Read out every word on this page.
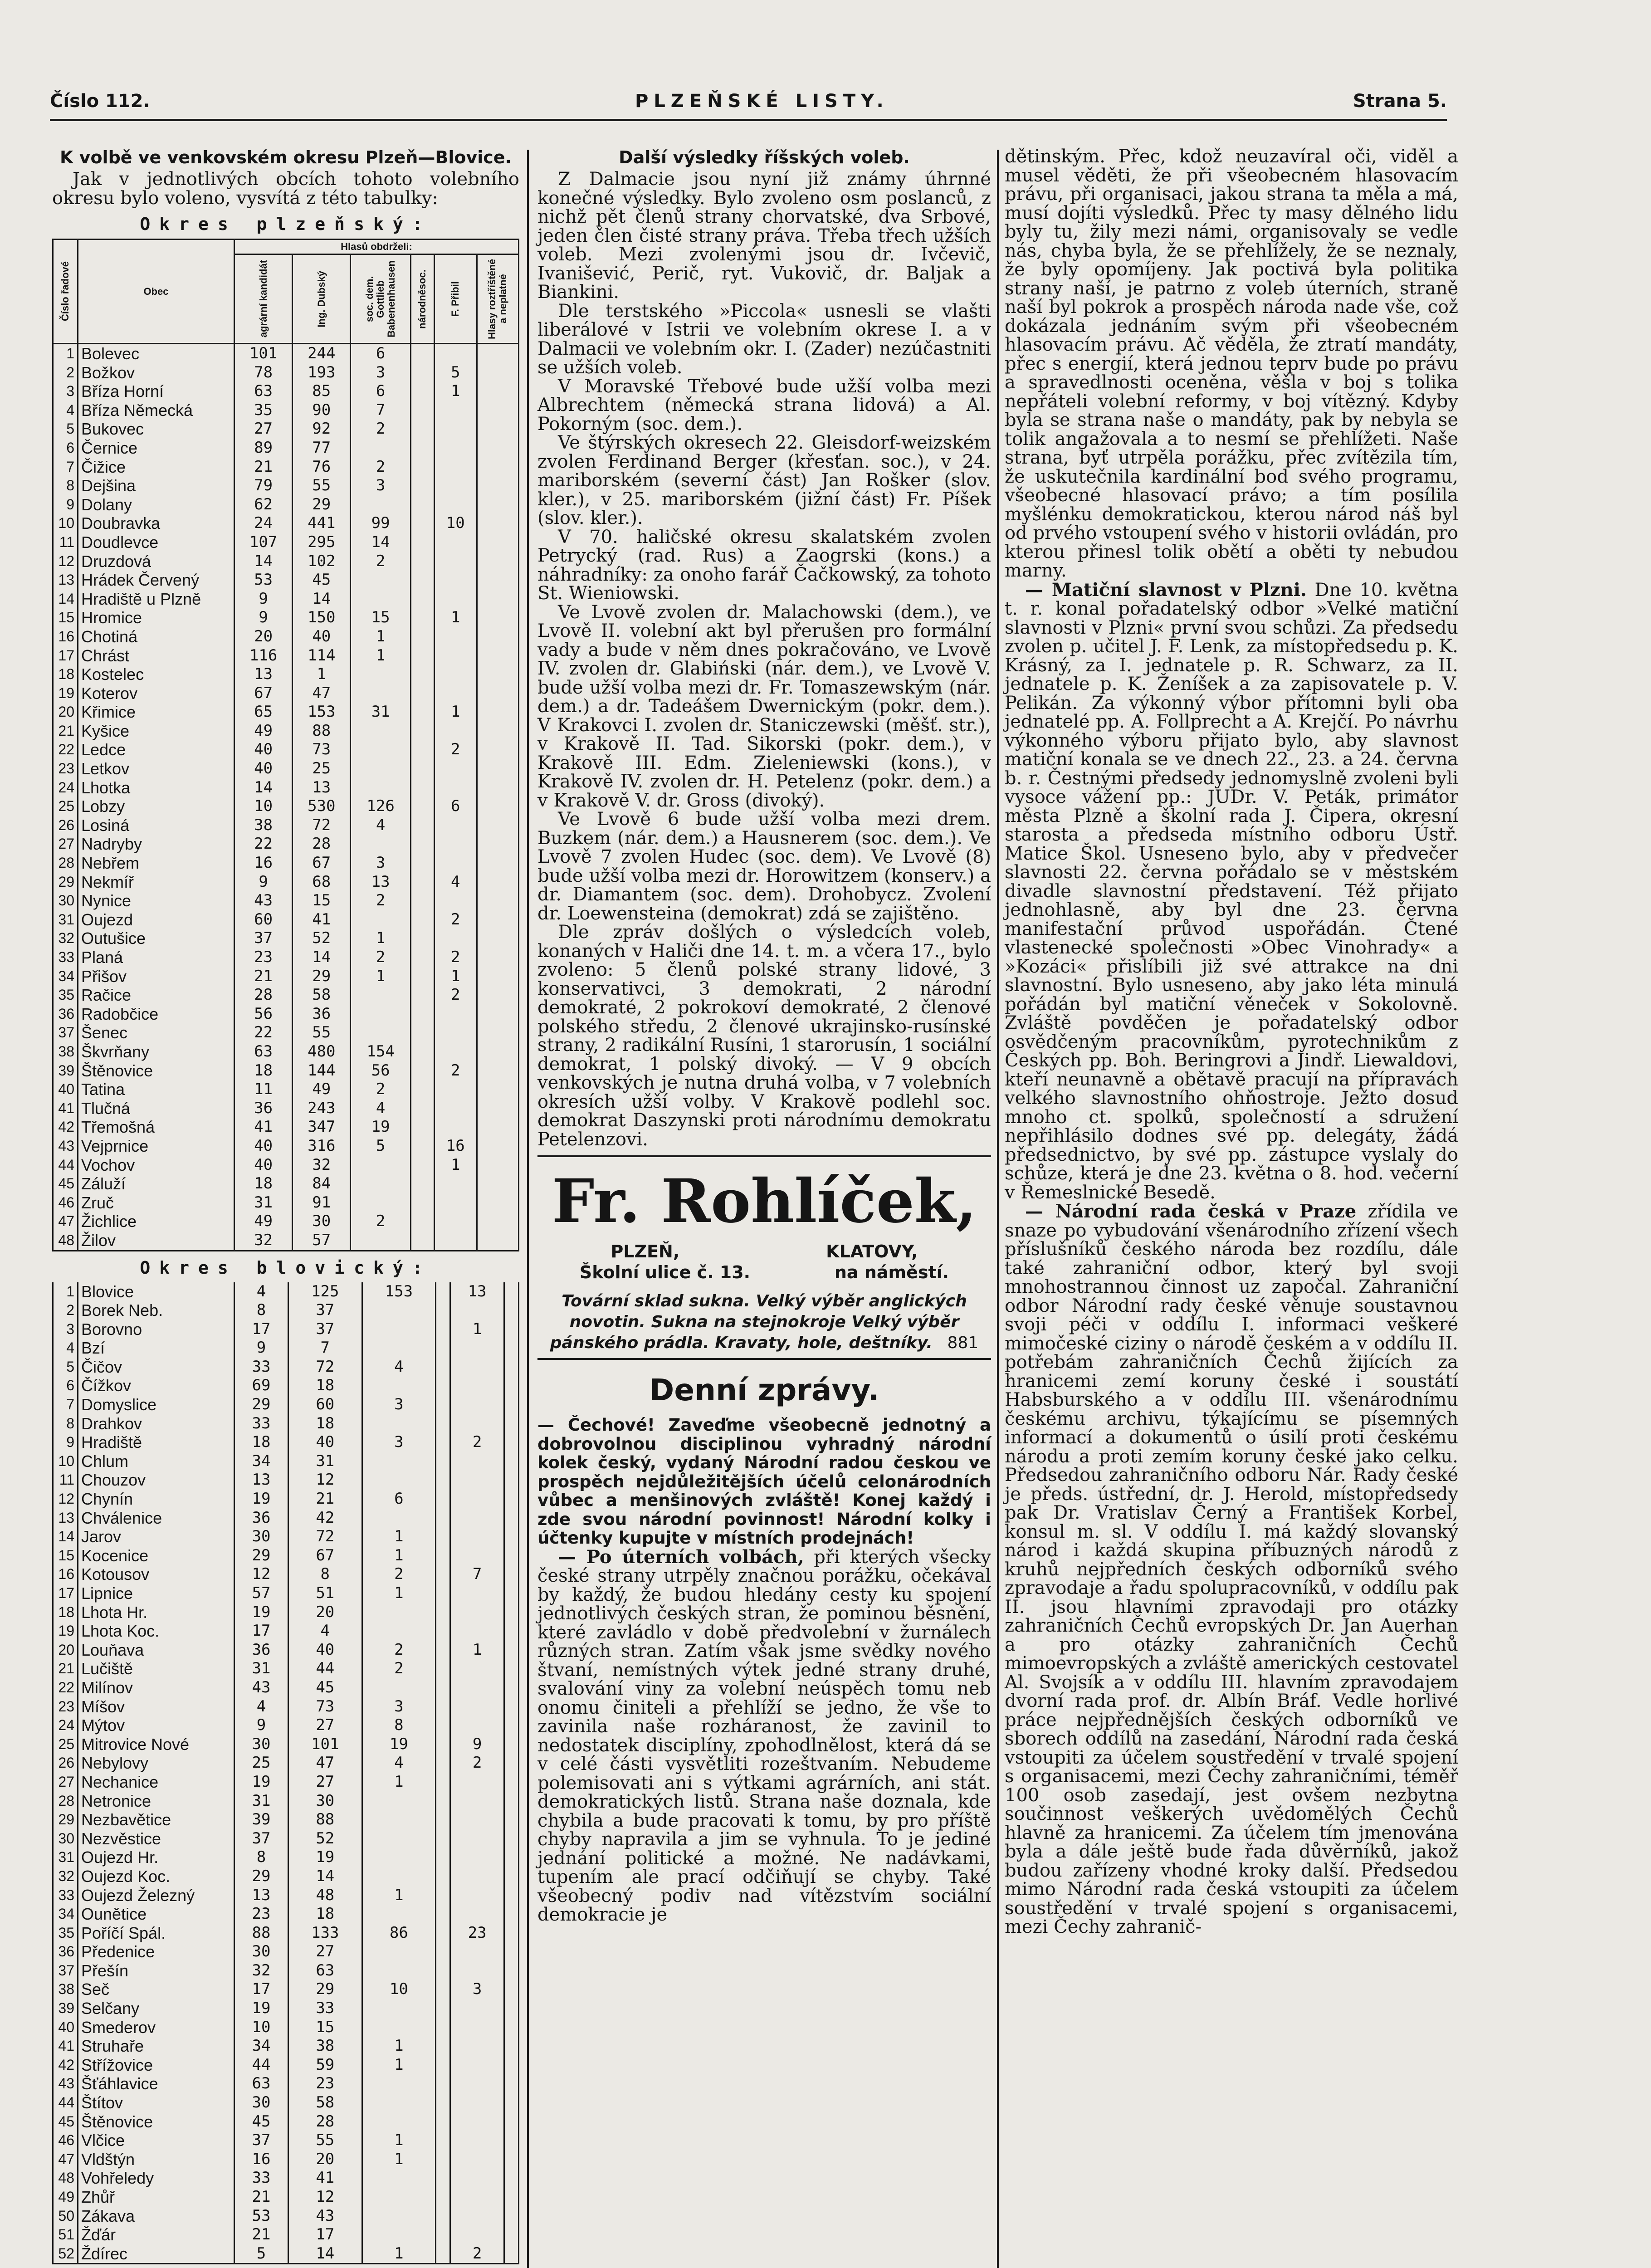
Číslo 112.	PLZEŇSKÉ LISTY.	Strana 5.

K volbě ve venkovském okresu Plzeň—Blovice.

Jak v jednotlivých obcích tohoto volebního okresu bylo voleno, vysvítá z této tabulky:

Okres plzeňský:
Číslo řadové	Obec	Hlasů obdrželi:					

		agrární kandidát	Ing. Dubský	soc. dem. Gottlieb Babenenhausen	národněsoc.	F. Přibil	Hlasy roztříštěné a neplatné

1	Bolevec	101	244	6			
2	Božkov	78	193	3		5	
3	Bříza Horní	63	85	6		1	
4	Bříza Německá	35	90	7			
5	Bukovec	27	92	2			
6	Černice	89	77				
7	Čižice	21	76	2			
8	Dejšina	79	55	3			
9	Dolany	62	29				
10	Doubravka	24	441	99		10	
11	Doudlevce	107	295	14			
12	Druzdová	14	102	2			
13	Hrádek Červený	53	45				
14	Hradiště u Plzně	9	14				
15	Hromice	9	150	15		1	
16	Chotiná	20	40	1			
17	Chrást	116	114	1			
18	Kostelec	13	1				
19	Koterov	67	47				
20	Křimice	65	153	31		1	
21	Kyšice	49	88				
22	Ledce	40	73			2	
23	Letkov	40	25				
24	Lhotka	14	13				
25	Lobzy	10	530	126		6	
26	Losiná	38	72	4			
27	Nadryby	22	28				
28	Nebřem	16	67	3			
29	Nekmíř	9	68	13		4	
30	Nynice	43	15	2			
31	Oujezd	60	41			2	
32	Outušice	37	52	1			
33	Planá	23	14	2		2	
34	Přišov	21	29	1		1	
35	Račice	28	58			2	
36	Radobčice	56	36				
37	Šenec	22	55				
38	Škvrňany	63	480	154			
39	Štěnovice	18	144	56		2	
40	Tatina	11	49	2			
41	Tlučná	36	243	4			
42	Třemošná	41	347	19			
43	Vejprnice	40	316	5		16	
44	Vochov	40	32			1	
45	Záluží	18	84				
46	Zruč	31	91				
47	Žichlice	49	30	2			
48	Žilov	32	57				
Okres blovický:
1	Blovice	4	125	153		13	
2	Borek Neb.	8	37				
3	Borovno	17	37			1	
4	Bzí	9	7				
5	Čičov	33	72	4			
6	Čížkov	69	18				
7	Domyslice	29	60	3			
8	Drahkov	33	18				
9	Hradiště	18	40	3		2	
10	Chlum	34	31				
11	Chouzov	13	12				
12	Chynín	19	21	6			
13	Chválenice	36	42				
14	Jarov	30	72	1			
15	Kocenice	29	67	1			
16	Kotousov	12	8	2		7	
17	Lipnice	57	51	1			
18	Lhota Hr.	19	20				
19	Lhota Koc.	17	4				
20	Louňava	36	40	2		1	
21	Lučiště	31	44	2			
22	Milínov	43	45				
23	Míšov	4	73	3			
24	Mýtov	9	27	8			
25	Mitrovice Nové	30	101	19		9	
26	Nebylovy	25	47	4		2	
27	Nechanice	19	27	1			
28	Netronice	31	30				
29	Nezbavětice	39	88				
30	Nezvěstice	37	52				
31	Oujezd Hr.	8	19				
32	Oujezd Koc.	29	14				
33	Oujezd Železný	13	48	1			
34	Ounětice	23	18				
35	Poříčí Spál.	88	133	86		23	
36	Předenice	30	27				
37	Přešín	32	63				
38	Seč	17	29	10		3	
39	Selčany	19	33				
40	Smederov	10	15				
41	Struhaře	34	38	1			
42	Střížovice	44	59	1			
43	Šťáhlavice	63	23				
44	Štítov	30	58				
45	Štěnovice	45	28				
46	Vlčice	37	55	1			
47	Vldštýn	16	20	1			
48	Vohřeledy	33	41				
49	Zhůř	21	12				
50	Zákava	53	43				
51	Žďár	21	17				
52	Ždírec	5	14	1		2	

Další výsledky říšských voleb.

Z Dalmacie jsou nyní již známy úhrnné konečné výsledky. Bylo zvoleno osm poslanců, z nichž pět členů strany chorvatské, dva Srbové, jeden člen čisté strany práva. Třeba třech užších voleb. Mezi zvolenými jsou dr. Ivčevič, Ivanišević, Perič, ryt. Vukovič, dr. Baljak a Biankini.

Dle terstského »Piccola« usnesli se vlašti liberálové v Istrii ve volebním okrese I. a v Dalmacii ve volebním okr. I. (Zader) nezúčastniti se užších voleb.

V Moravské Třebové bude užší volba mezi Albrechtem (německá strana lidová) a Al. Pokorným (soc. dem.).

Ve štýrských okresech 22. Gleisdorf-weizském zvolen Ferdinand Berger (křesťan. soc.), v 24. mariborském (severní část) Jan Rošker (slov. kler.), v 25. mariborském (jižní část) Fr. Píšek (slov. kler.).

V 70. haličské okresu skalatském zvolen Petrycký (rad. Rus) a Zaogrski (kons.) a náhradníky: za onoho farář Čačkowský, za tohoto St. Wieniowski.

Ve Lvově zvolen dr. Malachowski (dem.), ve Lvově II. volební akt byl přerušen pro formální vady a bude v něm dnes pokračováno, ve Lvově IV. zvolen dr. Glabiński (nár. dem.), ve Lvově V. bude užší volba mezi dr. Fr. Tomaszewským (nár. dem.) a dr. Tadeášem Dwernickým (pokr. dem.). V Krakovci I. zvolen dr. Staniczewski (měšť. str.), v Krakově II. Tad. Sikorski (pokr. dem.), v Krakově III. Edm. Zieleniewski (kons.), v Krakově IV. zvolen dr. H. Petelenz (pokr. dem.) a v Krakově V. dr. Gross (divoký).

Ve Lvově 6 bude užší volba mezi drem. Buzkem (nár. dem.) a Hausnerem (soc. dem.). Ve Lvově 7 zvolen Hudec (soc. dem). Ve Lvově (8) bude užší volba mezi dr. Horowitzem (konserv.) a dr. Diamantem (soc. dem). Drohobycz. Zvolení dr. Loewensteina (demokrat) zdá se zajištěno.

Dle zpráv došlých o výsledcích voleb, konaných v Haliči dne 14. t. m. a včera 17., bylo zvoleno: 5 členů polské strany lidové, 3 konservativci, 3 demokrati, 2 národní demokraté, 2 pokrokoví demokraté, 2 členové polského středu, 2 členové ukrajinsko-rusínské strany, 2 radikální Rusíni, 1 starorusín, 1 sociální demokrat, 1 polský divoký. — V 9 obcích venkovských je nutna druhá volba, v 7 volebních okresích užší volby. V Krakově podlehl soc. demokrat Daszynski proti národnímu demokratu Petelenzovi.

Fr. Rohlíček,
PLZEŇ,	KLATOVY,
Školní ulice č. 13.	na náměstí.
Tovární sklad sukna. Velký výběr anglických novotin. Sukna na stejnokroje Velký výběr pánského prádla. Kravaty, hole, deštníky. 881
Denní zprávy.

— Čechové! Zaveďme všeobecně jednotný a dobrovolnou disciplinou vyhradný národní kolek český, vydaný Národní radou českou ve prospěch nejdůležitějších účelů celonárodních vůbec a menšinových zvláště! Konej každý i zde svou národní povinnost! Národní kolky i účtenky kupujte v místních prodejnách!

— Po úterních volbách, při kterých všecky české strany utrpěly značnou porážku, očekával by každý, že budou hledány cesty ku spojení jednotlivých českých stran, že pominou běsnění, které zavládlo v době předvolební v žurnálech různých stran. Zatím však jsme svědky nového štvaní, nemístných výtek jedné strany druhé, svalování viny za volební neúspěch tomu neb onomu činiteli a přehlíží se jedno, že vše to zavinila naše rozháranost, že zavinil to nedostatek disciplíny, zpohodlnělost, která dá se v celé části vysvětliti rozeštvaním. Nebudeme polemisovati ani s výtkami agrárních, ani stát. demokratických listů. Strana naše doznala, kde chybila a bude pracovati k tomu, by pro příště chyby napravila a jim se vyhnula. To je jediné jednání politické a možné. Ne nadávkami, tupením ale prací odčiňují se chyby. Také všeobecný podiv nad vítězstvím sociální demokracie je

dětinským. Přec, kdož neuzavíral oči, viděl a musel věděti, že při všeobecném hlasovacím právu, při organisaci, jakou strana ta měla a má, musí dojíti výsledků. Přec ty masy dělného lidu byly tu, žily mezi námi, organisovaly se vedle nás, chyba byla, že se přehlížely, že se neznaly, že byly opomíjeny. Jak poctivá byla politika strany naší, je patrno z voleb úterních, straně naší byl pokrok a prospěch národa nade vše, což dokázala jednáním svým při všeobecném hlasovacím právu. Ač věděla, že ztratí mandáty, přec s energií, která jednou teprv bude po právu a spravedlnosti oceněna, věšla v boj s tolika nepřáteli volební reformy, v boj vítězný. Kdyby byla se strana naše o mandáty, pak by nebyla se tolik angažovala a to nesmí se přehlížeti. Naše strana, byť utrpěla porážku, přec zvítězila tím, že uskutečnila kardinální bod svého programu, všeobecné hlasovací právo; a tím posílila myšlénku demokratickou, kterou národ náš byl od prvého vstoupení svého v historii ovládán, pro kterou přinesl tolik obětí a oběti ty nebudou marny.

— Matiční slavnost v Plzni. Dne 10. května t. r. konal pořadatelský odbor »Velké matiční slavnosti v Plzni« první svou schůzi. Za předsedu zvolen p. učitel J. F. Lenk, za místopředsedu p. K. Krásný, za I. jednatele p. R. Schwarz, za II. jednatele p. K. Ženíšek a za zapisovatele p. V. Pelikán. Za výkonný výbor přítomni byli oba jednatelé pp. A. Follprecht a A. Krejčí. Po návrhu výkonného výboru přijato bylo, aby slavnost matiční konala se ve dnech 22., 23. a 24. června b. r. Čestnými předsedy jednomyslně zvoleni byli vysoce vážení pp.: JUDr. V. Peták, primátor města Plzně a školní rada J. Čipera, okresní starosta a předseda místního odboru Ústř. Matice Škol. Usneseno bylo, aby v předvečer slavnosti 22. června pořádalo se v městském divadle slavnostní představení. Též přijato jednohlasně, aby byl dne 23. června manifestační průvod uspořádán. Čtené vlastenecké společnosti »Obec Vinohrady« a »Kozáci« přislíbili již své attrakce na dni slavnostní. Bylo usneseno, aby jako léta minulá pořádán byl matiční věneček v Sokolovně. Zvláště povděčen je pořadatelský odbor osvědčeným pracovníkům, pyrotechnikům z Českých pp. Boh. Beringrovi a Jindř. Liewaldovi, kteří neunavně a obětavě pracují na přípravách velkého slavnostního ohňostroje. Ježto dosud mnoho ct. spolků, společností a sdružení nepřihlásilo dodnes své pp. delegáty, žádá předsednictvo, by své pp. zástupce vyslaly do schůze, která je dne 23. května o 8. hod. večerní v Řemeslnické Besedě.

— Národní rada česká v Praze zřídila ve snaze po vybudování všenárodního zřízení všech příslušníků českého národa bez rozdílu, dále také zahraniční odbor, který byl svoji mnohostrannou činnost uz započal. Zahraniční odbor Národní rady české věnuje soustavnou svoji péči v oddílu I. informaci veškeré mimočeské ciziny o národě českém a v oddílu II. potřebám zahraničních Čechů žijících za hranicemi zemí koruny české i soustátí Habsburského a v oddílu III. všenárodnímu českému archivu, týkajícímu se písemných informací a dokumentů o úsilí proti českému národu a proti zemím koruny české jako celku. Předsedou zahraničního odboru Nár. Rady české je předs. ústřední, dr. J. Herold, místopředsedy pak Dr. Vratislav Černý a František Korbel, konsul m. sl. V oddílu I. má každý slovanský národ i každá skupina příbuzných národů z kruhů nejpředních českých odborníků svého zpravodaje a řadu spolupracovníků, v oddílu pak II. jsou hlavními zpravodaji pro otázky zahraničních Čechů evropských Dr. Jan Auerhan a pro otázky zahraničních Čechů mimoevropských a zvláště amerických cestovatel Al. Svojsík a v oddílu III. hlavním zpravodajem dvorní rada prof. dr. Albín Bráf. Vedle horlivé práce nejpřednějších českých odborníků ve sborech oddílů na zasedání, Národní rada česká vstoupiti za účelem soustředění v trvalé spojení s organisacemi, mezi Čechy zahraničními, téměř 100 osob zasedají, jest ovšem nezbytna součinnost veškerých uvědomělých Čechů hlavně za hranicemi. Za účelem tím jmenována byla a dále ještě bude řada důvěrníků, jakož budou zařízeny vhodné kroky další. Předsedou mimo Národní rada česká vstoupiti za účelem soustředění v trvalé spojení s organisacemi, mezi Čechy zahranič-
